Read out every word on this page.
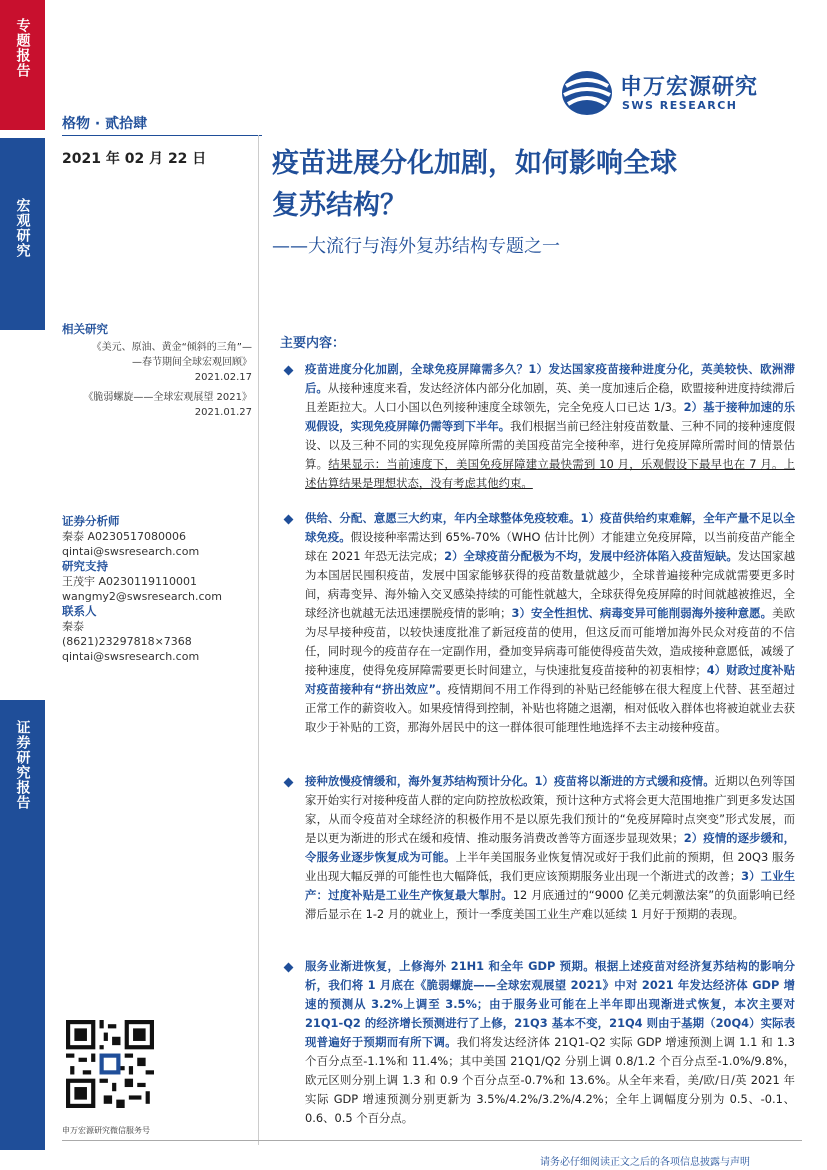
专题报告
宏观研究
证券研究报告
申万宏源研究
SWS RESEARCH
格物 · 贰拾肆
2021 年 02 月 22 日 疫苗进展分化加剧，如何影响全球
复苏结构？
——大流行与海外复苏结构专题之一
相关研究
《美元、原油、黄金“倾斜的三角”—
—春节期间全球宏观回顾》
2021.02.17
《脆弱螺旋——全球宏观展望 2021》
2021.01.27
证券分析师
秦泰 A0230517080006
qintai@swsresearch.com
研究支持
王茂宇 A0230119110001
wangmy2@swsresearch.com
联系人
秦泰
(8621)23297818×7368
qintai@swsresearch.com
申万宏源研究微信服务号
主要内容：
疫苗进度分化加剧，全球免疫屏障需多久？1）发达国家疫苗接种进度分化，英美较快、欧洲滞后。从接种速度来看，发达经济体内部分化加剧，英、美一度加速后企稳，欧盟接种进度持续滞后且差距拉大。人口小国以色列接种速度全球领先，完全免疫人口已达 1/3。2）基于接种加速的乐观假设，实现免疫屏障仍需等到下半年。我们根据当前已经注射疫苗数量、三种不同的接种速度假设、以及三种不同的实现免疫屏障所需的美国疫苗完全接种率，进行免疫屏障所需时间的情景估算。结果显示：当前速度下，美国免疫屏障建立最快需到 10 月，乐观假设下最早也在 7 月。上述估算结果是理想状态，没有考虑其他约束。
供给、分配、意愿三大约束，年内全球整体免疫较难。1）疫苗供给约束难解，全年产量不足以全球免疫。假设接种率需达到 65%-70%（WHO 估计比例）才能建立免疫屏障，以当前疫苗产能全球在 2021 年恐无法完成；2）全球疫苗分配极为不均，发展中经济体陷入疫苗短缺。发达国家越为本国居民囤积疫苗，发展中国家能够获得的疫苗数量就越少，全球普遍接种完成就需要更多时间，病毒变异、海外输入交叉感染持续的可能性就越大，全球获得免疫屏障的时间就越被推迟，全球经济也就越无法迅速摆脱疫情的影响；3）安全性担忧、病毒变异可能削弱海外接种意愿。美欧为尽早接种疫苗，以较快速度批准了新冠疫苗的使用，但这反而可能增加海外民众对疫苗的不信任，同时现今的疫苗存在一定副作用，叠加变异病毒可能使得疫苗失效，造成接种意愿低，减缓了接种速度，使得免疫屏障需要更长时间建立，与快速批复疫苗接种的初衷相悖；4）财政过度补贴对疫苗接种有“挤出效应”。疫情期间不用工作得到的补贴已经能够在很大程度上代替、甚至超过正常工作的薪资收入。如果疫情得到控制，补贴也将随之退潮，相对低收入群体也将被迫就业去获取少于补贴的工资，那海外居民中的这一群体很可能理性地选择不去主动接种疫苗。
接种放慢疫情缓和，海外复苏结构预计分化。1）疫苗将以渐进的方式缓和疫情。近期以色列等国家开始实行对接种疫苗人群的定向防控放松政策，预计这种方式将会更大范围地推广到更多发达国家，从而令疫苗对全球经济的积极作用不是以原先我们预计的“免疫屏障时点突变”形式发展，而是以更为渐进的形式在缓和疫情、推动服务消费改善等方面逐步显现效果；2）疫情的逐步缓和，令服务业逐步恢复成为可能。上半年美国服务业恢复情况或好于我们此前的预期，但 20Q3 服务业出现大幅反弹的可能性也大幅降低，我们更应该预期服务业出现一个渐进式的改善；3）工业生产：过度补贴是工业生产恢复最大掣肘。12 月底通过的“9000 亿美元刺激法案”的负面影响已经滞后显示在 1-2 月的就业上，预计一季度美国工业生产难以延续 1 月好于预期的表现。
服务业渐进恢复，上修海外 21H1 和全年 GDP 预期。根据上述疫苗对经济复苏结构的影响分析，我们将 1 月底在《脆弱螺旋——全球宏观展望 2021》中对 2021 年发达经济体 GDP 增速的预测从 3.2%上调至 3.5%；由于服务业可能在上半年即出现渐进式恢复，本次主要对 21Q1-Q2 的经济增长预测进行了上修，21Q3 基本不变，21Q4 则由于基期（20Q4）实际表现普遍好于预期而有所下调。我们将发达经济体 21Q1-Q2 实际 GDP 增速预测上调 1.1 和 1.3 个百分点至-1.1%和 11.4%；其中美国 21Q1/Q2 分别上调 0.8/1.2 个百分点至-1.0%/9.8%，欧元区则分别上调 1.3 和 0.9 个百分点至-0.7%和 13.6%。从全年来看，美/欧/日/英 2021 年实际 GDP 增速预测分别更新为 3.5%/4.2%/3.2%/4.2%；全年上调幅度分别为 0.5、-0.1、0.6、0.5 个百分点。
请务必仔细阅读正文之后的各项信息披露与声明
